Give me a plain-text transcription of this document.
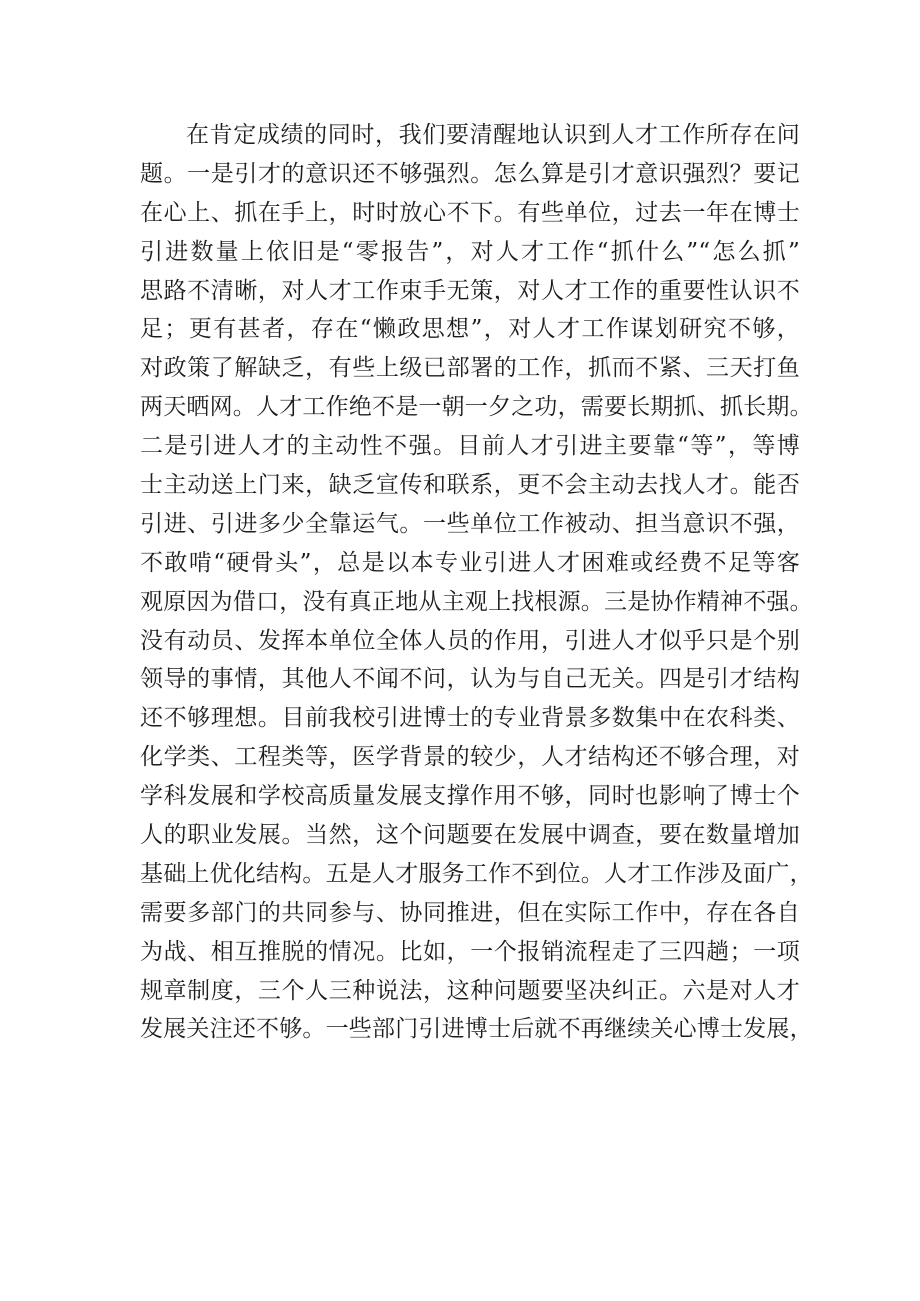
在肯定成绩的同时，我们要清醒地认识到人才工作所存在问
题。一是引才的意识还不够强烈。怎么算是引才意识强烈？要记
在心上、抓在手上，时时放心不下。有些单位，过去一年在博士
引进数量上依旧是“零报告”，对人才工作“抓什么”“怎么抓”
思路不清晰，对人才工作束手无策，对人才工作的重要性认识不
足；更有甚者，存在“懒政思想”，对人才工作谋划研究不够，
对政策了解缺乏，有些上级已部署的工作，抓而不紧、三天打鱼
两天晒网。人才工作绝不是一朝一夕之功，需要长期抓、抓长期。
二是引进人才的主动性不强。目前人才引进主要靠“等”，等博
士主动送上门来，缺乏宣传和联系，更不会主动去找人才。能否
引进、引进多少全靠运气。一些单位工作被动、担当意识不强，
不敢啃“硬骨头”，总是以本专业引进人才困难或经费不足等客
观原因为借口，没有真正地从主观上找根源。三是协作精神不强。
没有动员、发挥本单位全体人员的作用，引进人才似乎只是个别
领导的事情，其他人不闻不问，认为与自己无关。四是引才结构
还不够理想。目前我校引进博士的专业背景多数集中在农科类、
化学类、工程类等，医学背景的较少，人才结构还不够合理，对
学科发展和学校高质量发展支撑作用不够，同时也影响了博士个
人的职业发展。当然，这个问题要在发展中调查，要在数量增加
基础上优化结构。五是人才服务工作不到位。人才工作涉及面广，
需要多部门的共同参与、协同推进，但在实际工作中，存在各自
为战、相互推脱的情况。比如，一个报销流程走了三四趟；一项
规章制度，三个人三种说法，这种问题要坚决纠正。六是对人才
发展关注还不够。一些部门引进博士后就不再继续关心博士发展，
